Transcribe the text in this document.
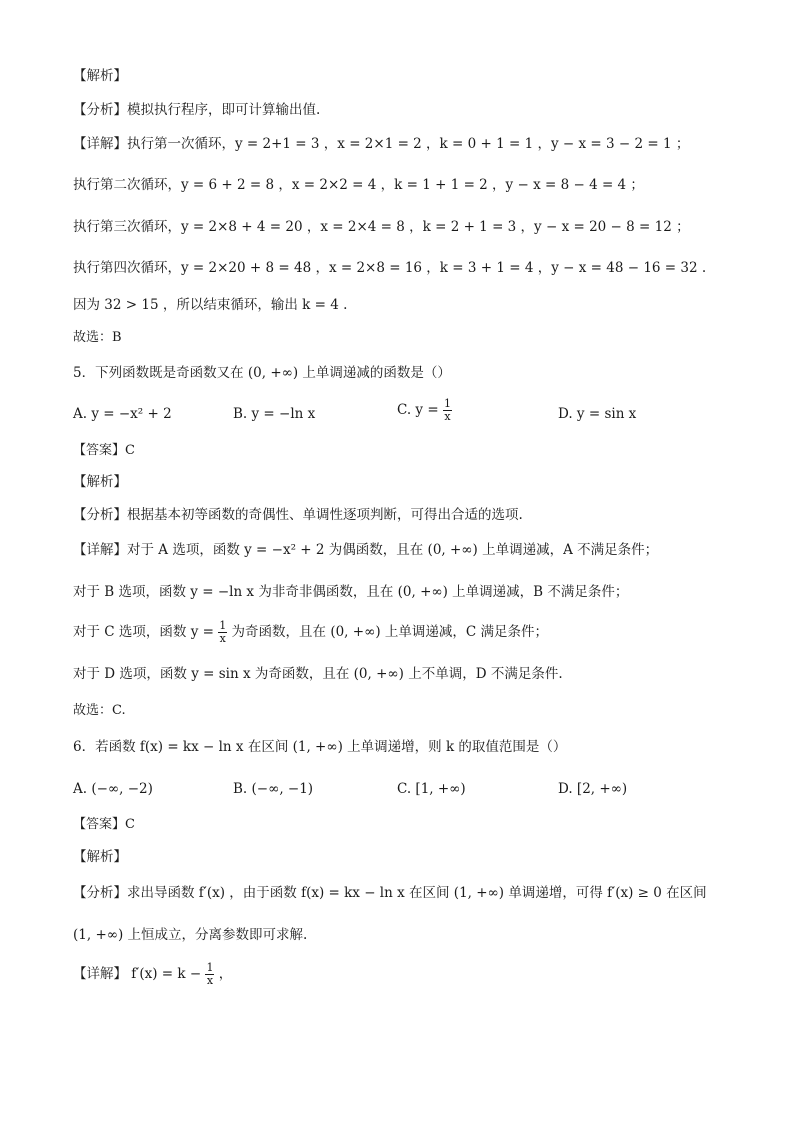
【解析】
【分析】模拟执行程序，即可计算输出值.
【详解】执行第一次循环，y = 2+1 = 3 ，x = 2×1 = 2 ，k = 0 + 1 = 1 ，y − x = 3 − 2 = 1 ；
执行第二次循环，y = 6 + 2 = 8 ，x = 2×2 = 4 ，k = 1 + 1 = 2 ，y − x = 8 − 4 = 4 ；
执行第三次循环，y = 2×8 + 4 = 20 ，x = 2×4 = 8 ，k = 2 + 1 = 3 ，y − x = 20 − 8 = 12 ；
执行第四次循环，y = 2×20 + 8 = 48 ，x = 2×8 = 16 ，k = 3 + 1 = 4 ，y − x = 48 − 16 = 32 .
因为 32 > 15 ，所以结束循环，输出 k = 4 .
故选：B
5．下列函数既是奇函数又在 (0, +∞) 上单调递减的函数是（）
A. y = −x² + 2	B. y = −ln x	C. $y = \frac{1}{x}$	D. y = sin x
【答案】C
【解析】
【分析】根据基本初等函数的奇偶性、单调性逐项判断，可得出合适的选项.
【详解】对于 A 选项，函数 y = −x² + 2 为偶函数，且在 (0, +∞) 上单调递减，A 不满足条件；
对于 B 选项，函数 y = −ln x 为非奇非偶函数，且在 (0, +∞) 上单调递减，B 不满足条件；
对于 C 选项，函数 $y = \frac{1}{x}$ 为奇函数，且在 (0, +∞) 上单调递减，C 满足条件；
对于 D 选项，函数 y = sin x 为奇函数，且在 (0, +∞) 上不单调，D 不满足条件.
故选：C.
6．若函数 f(x) = kx − ln x 在区间 (1, +∞) 上单调递增，则 k 的取值范围是（）
A. (−∞, −2)	B. (−∞, −1)	C. [1, +∞)	D. [2, +∞)
【答案】C
【解析】
【分析】求出导函数 f′(x) ，由于函数 f(x) = kx − ln x 在区间 (1, +∞) 单调递增，可得 f′(x) ≥ 0 在区间
(1, +∞) 上恒成立，分离参数即可求解.
【详解】 $f'(x) = k - \frac{1}{x}$ ，
